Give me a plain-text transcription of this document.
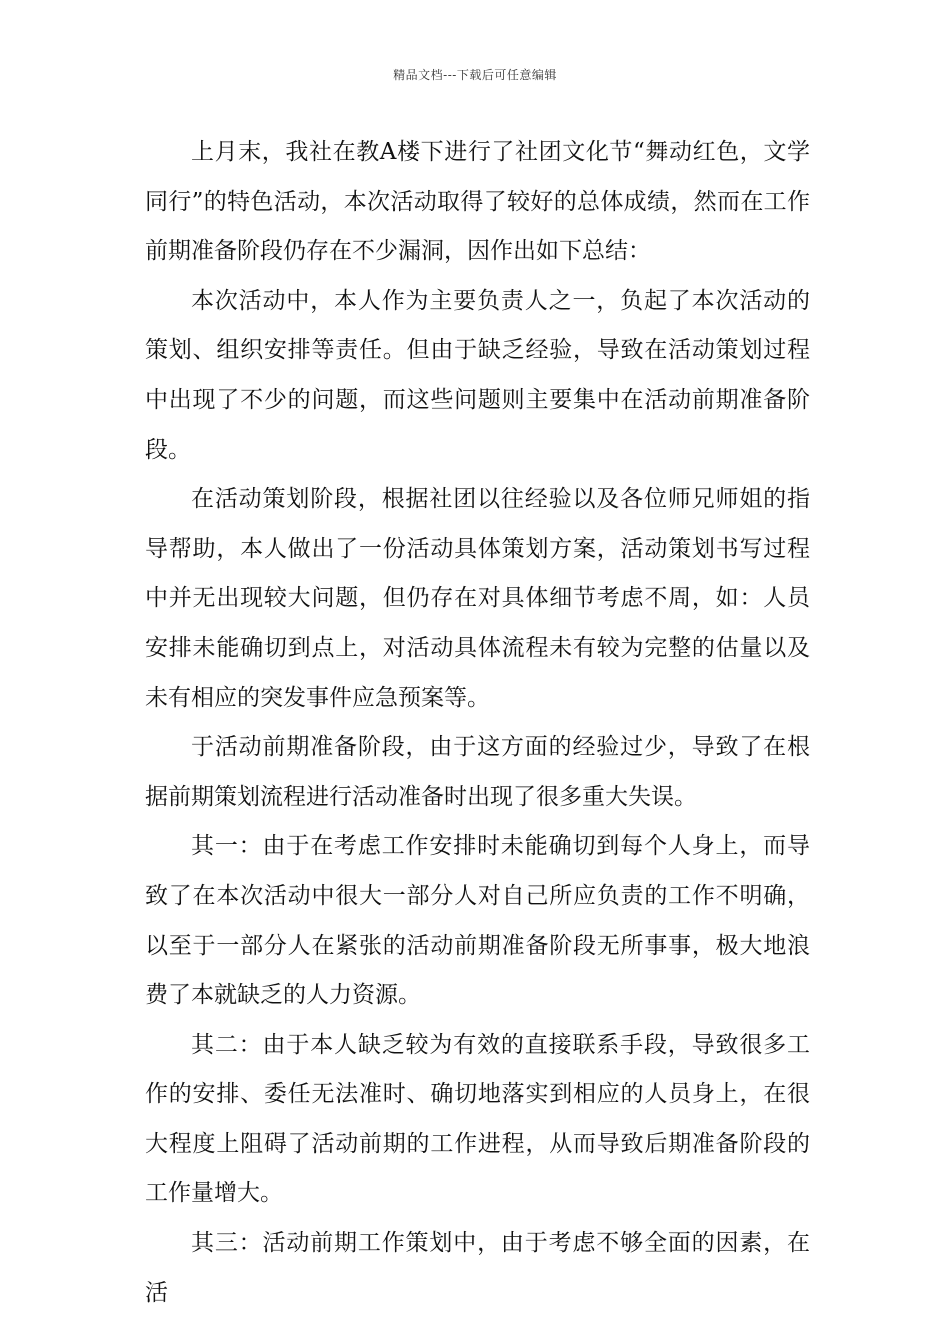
精品文档---下载后可任意编辑

上月末，我社在教A楼下进行了社团文化节“舞动红色，文学同行”的特色活动，本次活动取得了较好的总体成绩，然而在工作前期准备阶段仍存在不少漏洞，因作出如下总结：

本次活动中，本人作为主要负责人之一，负起了本次活动的策划、组织安排等责任。但由于缺乏经验，导致在活动策划过程中出现了不少的问题，而这些问题则主要集中在活动前期准备阶段。

在活动策划阶段，根据社团以往经验以及各位师兄师姐的指导帮助，本人做出了一份活动具体策划方案，活动策划书写过程中并无出现较大问题，但仍存在对具体细节考虑不周，如：人员安排未能确切到点上，对活动具体流程未有较为完整的估量以及未有相应的突发事件应急预案等。

于活动前期准备阶段，由于这方面的经验过少，导致了在根据前期策划流程进行活动准备时出现了很多重大失误。

其一：由于在考虑工作安排时未能确切到每个人身上，而导致了在本次活动中很大一部分人对自己所应负责的工作不明确，以至于一部分人在紧张的活动前期准备阶段无所事事，极大地浪费了本就缺乏的人力资源。

其二：由于本人缺乏较为有效的直接联系手段，导致很多工作的安排、委任无法准时、确切地落实到相应的人员身上，在很大程度上阻碍了活动前期的工作进程，从而导致后期准备阶段的工作量增大。

其三：活动前期工作策划中，由于考虑不够全面的因素，在活
